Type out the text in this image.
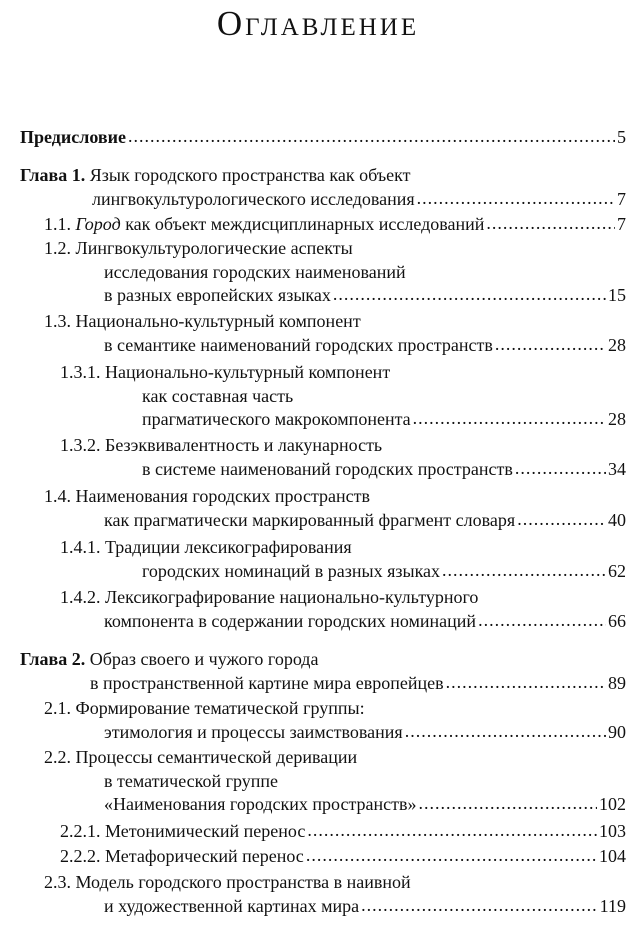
Оглавление
Предисловие .....	5
Глава 1. Язык городского пространства как объект
лингвокультурологического исследования .....	7
1.1. Город как объект междисциплинарных исследований .....	7
1.2. Лингвокультурологические аспекты
исследования городских наименований
в разных европейских языках .....	15
1.3. Национально-культурный компонент
в семантике наименований городских пространств .....	28
1.3.1. Национально-культурный компонент
как составная часть
прагматического макрокомпонента .....	28
1.3.2. Безэквивалентность и лакунарность
в системе наименований городских пространств .....	34
1.4. Наименования городских пространств
как прагматически маркированный фрагмент словаря .....	40
1.4.1. Традиции лексикографирования
городских номинаций в разных языках .....	62
1.4.2. Лексикографирование национально-культурного
компонента в содержании городских номинаций .....	66
Глава 2. Образ своего и чужого города
в пространственной картине мира европейцев .....	89
2.1. Формирование тематической группы:
этимология и процессы заимствования .....	90
2.2. Процессы семантической деривации
в тематической группе
«Наименования городских пространств» .....	102
2.2.1. Метонимический перенос .....	103
2.2.2. Метафорический перенос .....	104
2.3. Модель городского пространства в наивной
и художественной картинах мира .....	119
